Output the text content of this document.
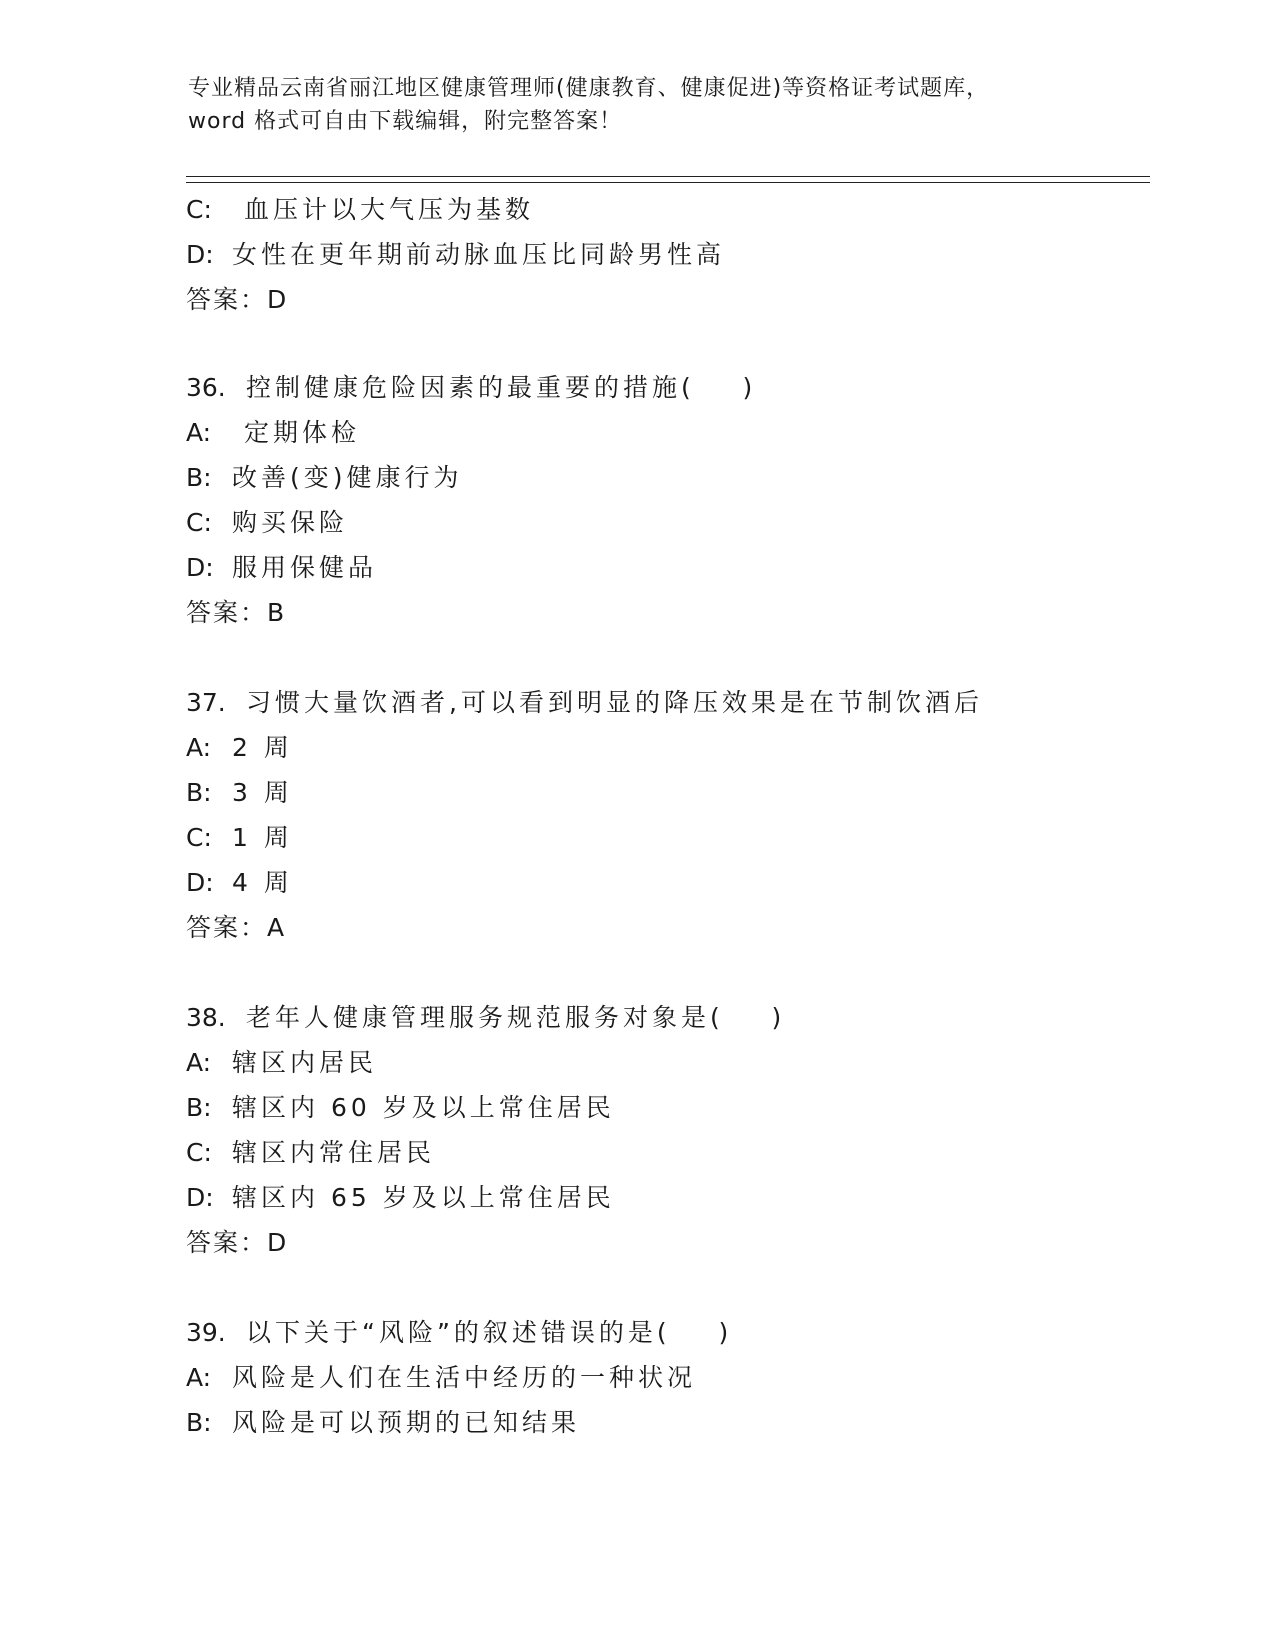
专业精品云南省丽江地区健康管理师(健康教育、健康促进)等资格证考试题库，
word 格式可自由下载编辑，附完整答案！
C: 血压计以大气压为基数
D: 女性在更年期前动脉血压比同龄男性高
答案：D
36. 控制健康危险因素的最重要的措施(    )
A: 定期体检
B: 改善(变)健康行为
C: 购买保险
D: 服用保健品
答案：B
37. 习惯大量饮酒者,可以看到明显的降压效果是在节制饮酒后
A: 2 周
B: 3 周
C: 1 周
D: 4 周
答案：A
38. 老年人健康管理服务规范服务对象是(    )
A: 辖区内居民
B: 辖区内 60 岁及以上常住居民
C: 辖区内常住居民
D: 辖区内 65 岁及以上常住居民
答案：D
39. 以下关于“风险”的叙述错误的是(    )
A: 风险是人们在生活中经历的一种状况
B: 风险是可以预期的已知结果
